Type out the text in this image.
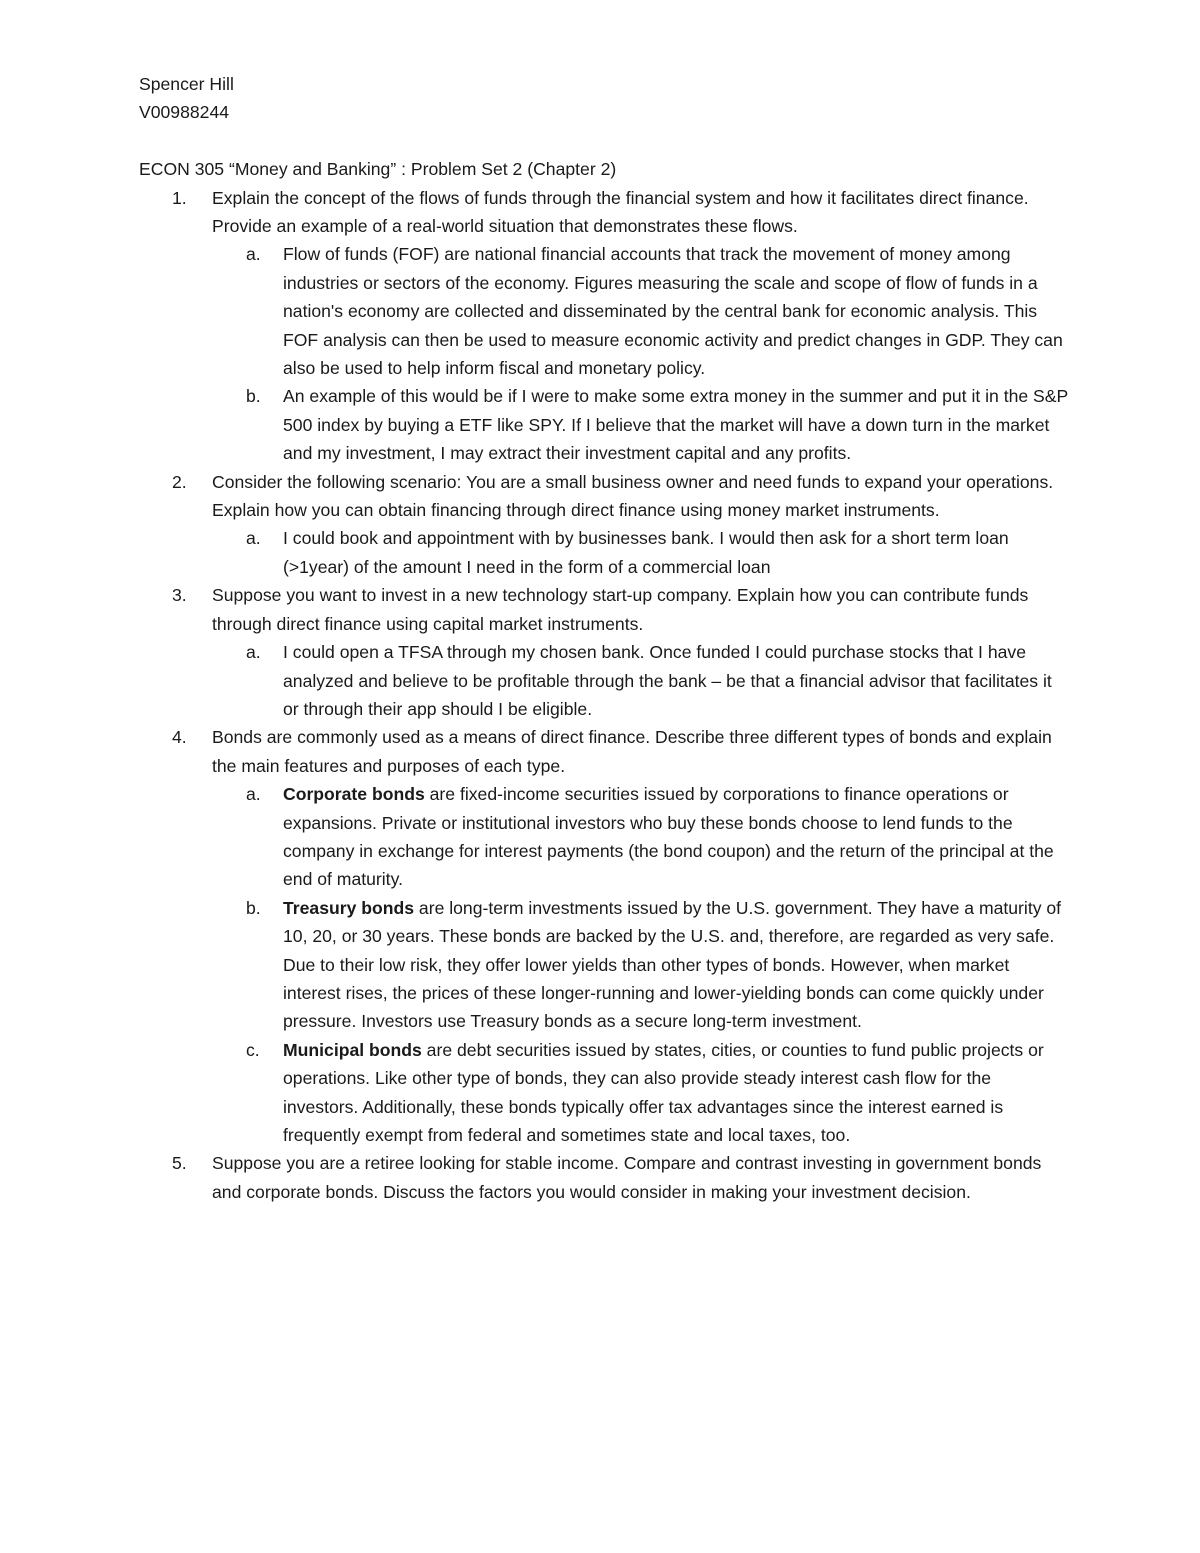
Spencer Hill

V00988244

ECON 305 “Money and Banking” : Problem Set 2 (Chapter 2)

1. Explain the concept of the flows of funds through the financial system and how it facilitates direct finance. Provide an example of a real-world situation that demonstrates these flows.

a. Flow of funds (FOF) are national financial accounts that track the movement of money among industries or sectors of the economy. Figures measuring the scale and scope of flow of funds in a nation's economy are collected and disseminated by the central bank for economic analysis. This FOF analysis can then be used to measure economic activity and predict changes in GDP. They can also be used to help inform fiscal and monetary policy.

b. An example of this would be if I were to make some extra money in the summer and put it in the S&P 500 index by buying a ETF like SPY. If I believe that the market will have a down turn in the market and my investment, I may extract their investment capital and any profits.

2. Consider the following scenario: You are a small business owner and need funds to expand your operations. Explain how you can obtain financing through direct finance using money market instruments.

a. I could book and appointment with by businesses bank. I would then ask for a short term loan (>1year) of the amount I need in the form of a commercial loan

3. Suppose you want to invest in a new technology start-up company. Explain how you can contribute funds through direct finance using capital market instruments.

a. I could open a TFSA through my chosen bank. Once funded I could purchase stocks that I have analyzed and believe to be profitable through the bank – be that a financial advisor that facilitates it or through their app should I be eligible.

4. Bonds are commonly used as a means of direct finance. Describe three different types of bonds and explain the main features and purposes of each type.

a. Corporate bonds are fixed-income securities issued by corporations to finance operations or expansions. Private or institutional investors who buy these bonds choose to lend funds to the company in exchange for interest payments (the bond coupon) and the return of the principal at the end of maturity.

b. Treasury bonds are long-term investments issued by the U.S. government. They have a maturity of 10, 20, or 30 years. These bonds are backed by the U.S. and, therefore, are regarded as very safe. Due to their low risk, they offer lower yields than other types of bonds. However, when market interest rises, the prices of these longer-running and lower-yielding bonds can come quickly under pressure. Investors use Treasury bonds as a secure long-term investment.

c. Municipal bonds are debt securities issued by states, cities, or counties to fund public projects or operations. Like other type of bonds, they can also provide steady interest cash flow for the investors. Additionally, these bonds typically offer tax advantages since the interest earned is frequently exempt from federal and sometimes state and local taxes, too.

5. Suppose you are a retiree looking for stable income. Compare and contrast investing in government bonds and corporate bonds. Discuss the factors you would consider in making your investment decision.
